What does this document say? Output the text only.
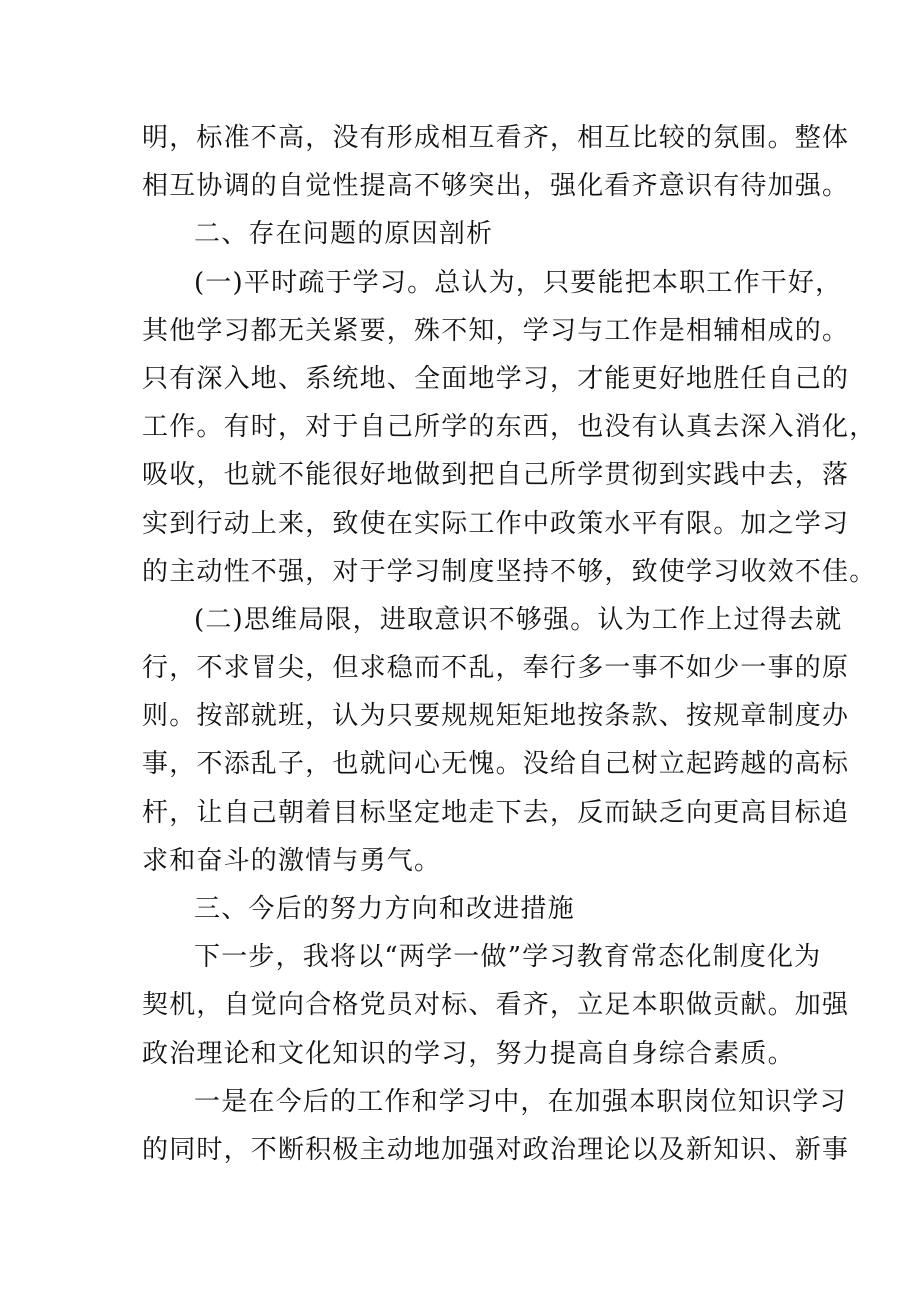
明，标准不高，没有形成相互看齐，相互比较的氛围。整体
相互协调的自觉性提高不够突出，强化看齐意识有待加强。
二、存在问题的原因剖析
(一)平时疏于学习。总认为，只要能把本职工作干好，
其他学习都无关紧要，殊不知，学习与工作是相辅相成的。
只有深入地、系统地、全面地学习，才能更好地胜任自己的
工作。有时，对于自己所学的东西，也没有认真去深入消化，
吸收，也就不能很好地做到把自己所学贯彻到实践中去，落
实到行动上来，致使在实际工作中政策水平有限。加之学习
的主动性不强，对于学习制度坚持不够，致使学习收效不佳。
(二)思维局限，进取意识不够强。认为工作上过得去就
行，不求冒尖，但求稳而不乱，奉行多一事不如少一事的原
则。按部就班，认为只要规规矩矩地按条款、按规章制度办
事，不添乱子，也就问心无愧。没给自己树立起跨越的高标
杆，让自己朝着目标坚定地走下去，反而缺乏向更高目标追
求和奋斗的激情与勇气。
三、今后的努力方向和改进措施
下一步，我将以“两学一做”学习教育常态化制度化为
契机，自觉向合格党员对标、看齐，立足本职做贡献。加强
政治理论和文化知识的学习，努力提高自身综合素质。
一是在今后的工作和学习中，在加强本职岗位知识学习
的同时，不断积极主动地加强对政治理论以及新知识、新事
